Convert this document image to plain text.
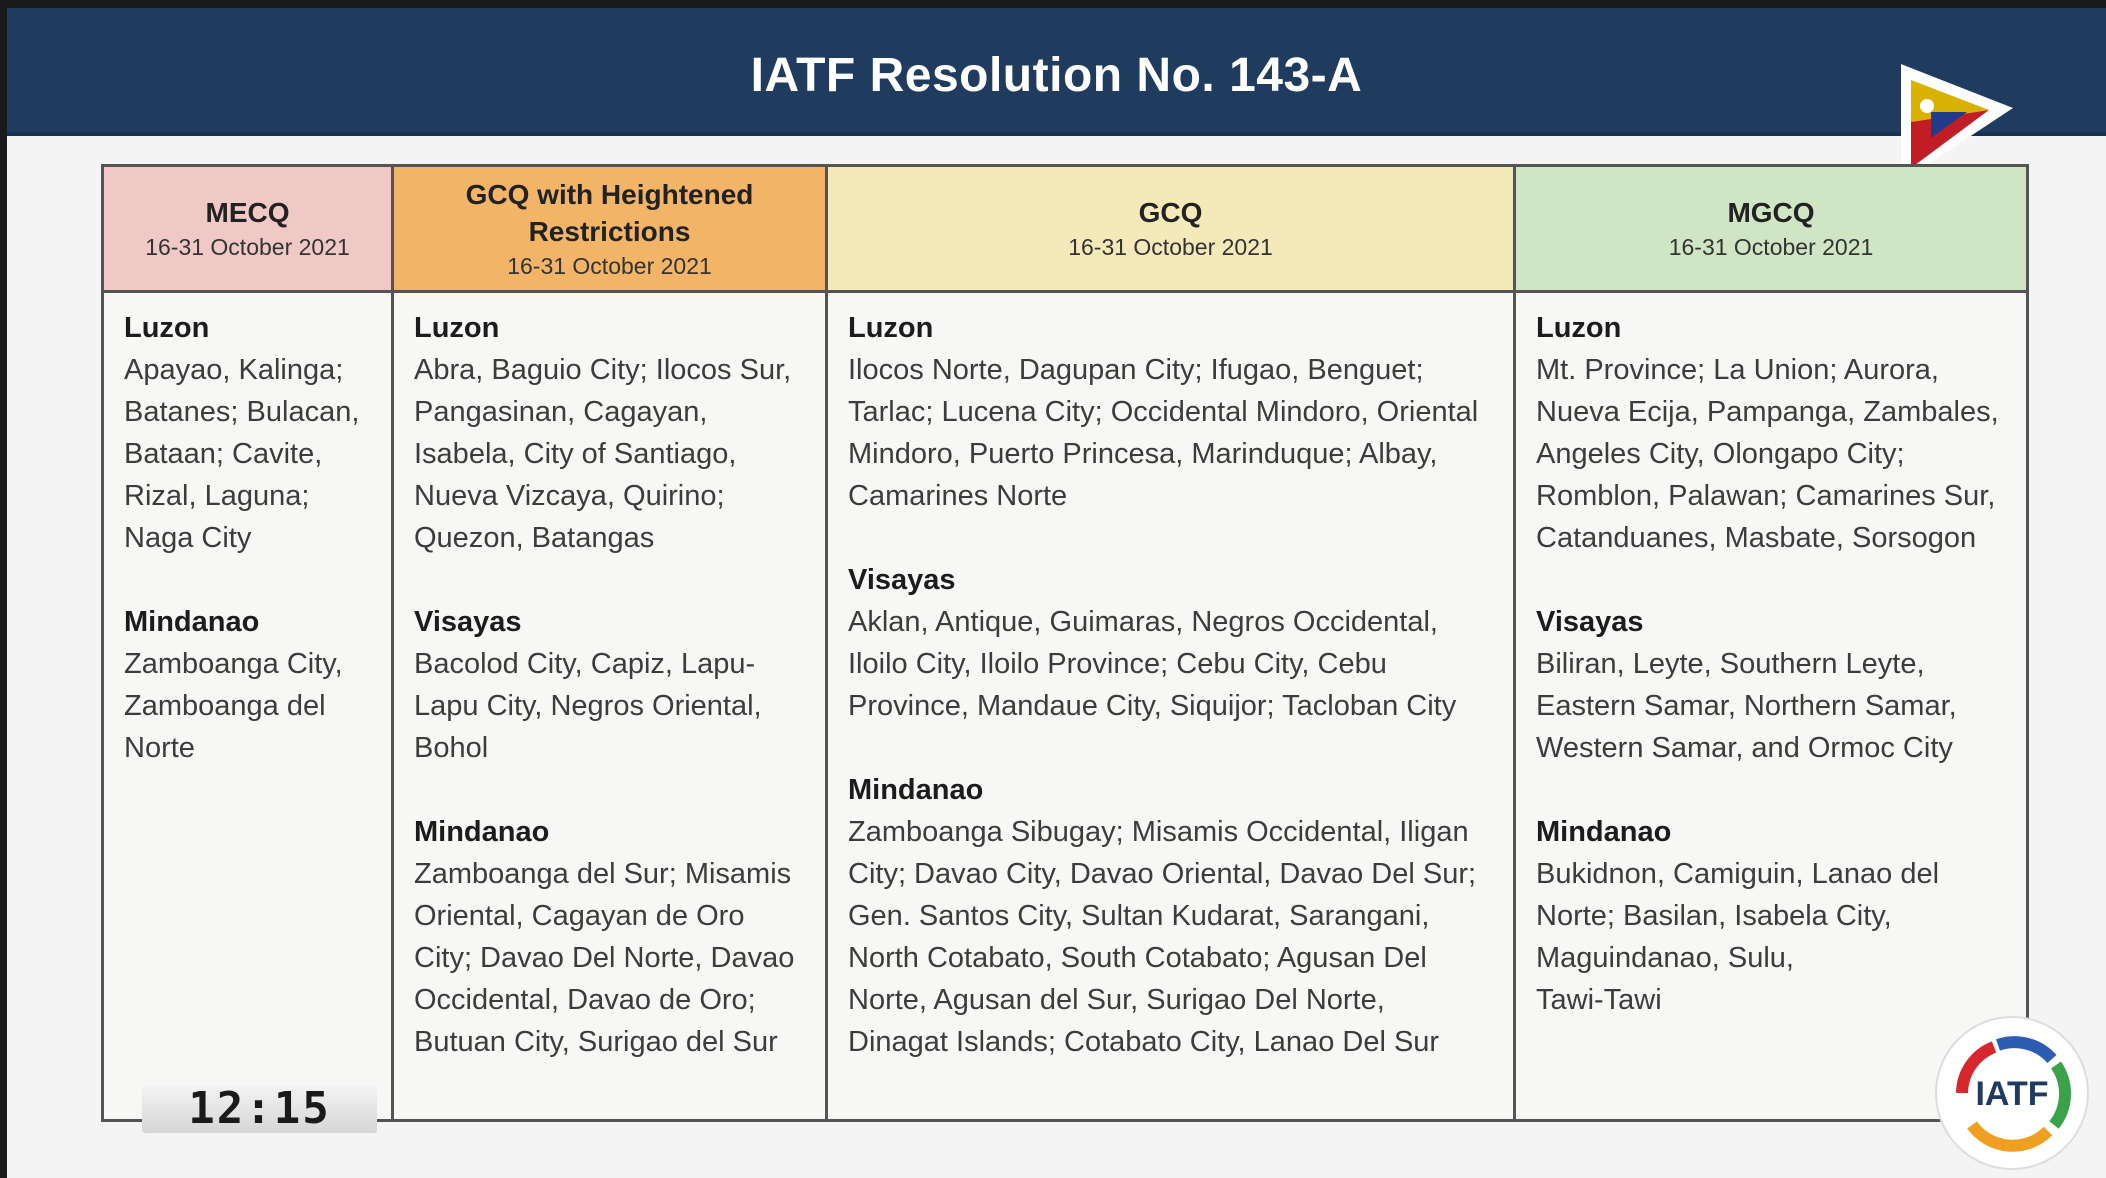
IATF Resolution No. 143-A
MECQ
16-31 October 2021
Luzon
Apayao, Kalinga;
Batanes; Bulacan,
Bataan; Cavite,
Rizal, Laguna;
Naga City
Mindanao
Zamboanga City,
Zamboanga del
Norte
GCQ with Heightened Restrictions
16-31 October 2021
Luzon
Abra, Baguio City; Ilocos Sur,
Pangasinan, Cagayan,
Isabela, City of Santiago,
Nueva Vizcaya, Quirino;
Quezon, Batangas
Visayas
Bacolod City, Capiz, Lapu-
Lapu City, Negros Oriental,
Bohol
Mindanao
Zamboanga del Sur; Misamis
Oriental, Cagayan de Oro
City; Davao Del Norte, Davao
Occidental, Davao de Oro;
Butuan City, Surigao del Sur
GCQ
16-31 October 2021
Luzon
Ilocos Norte, Dagupan City; Ifugao, Benguet;
Tarlac; Lucena City; Occidental Mindoro, Oriental
Mindoro, Puerto Princesa, Marinduque; Albay,
Camarines Norte
Visayas
Aklan, Antique, Guimaras, Negros Occidental,
Iloilo City, Iloilo Province; Cebu City, Cebu
Province, Mandaue City, Siquijor; Tacloban City
Mindanao
Zamboanga Sibugay; Misamis Occidental, Iligan
City; Davao City, Davao Oriental, Davao Del Sur;
Gen. Santos City, Sultan Kudarat, Sarangani,
North Cotabato, South Cotabato; Agusan Del
Norte, Agusan del Sur, Surigao Del Norte,
Dinagat Islands; Cotabato City, Lanao Del Sur
MGCQ
16-31 October 2021
Luzon
Mt. Province; La Union; Aurora,
Nueva Ecija, Pampanga, Zambales,
Angeles City, Olongapo City;
Romblon, Palawan; Camarines Sur,
Catanduanes, Masbate, Sorsogon
Visayas
Biliran, Leyte, Southern Leyte,
Eastern Samar, Northern Samar,
Western Samar, and Ormoc City
Mindanao
Bukidnon, Camiguin, Lanao del
Norte; Basilan, Isabela City,
Maguindanao, Sulu,
Tawi-Tawi
12:15	IATF
